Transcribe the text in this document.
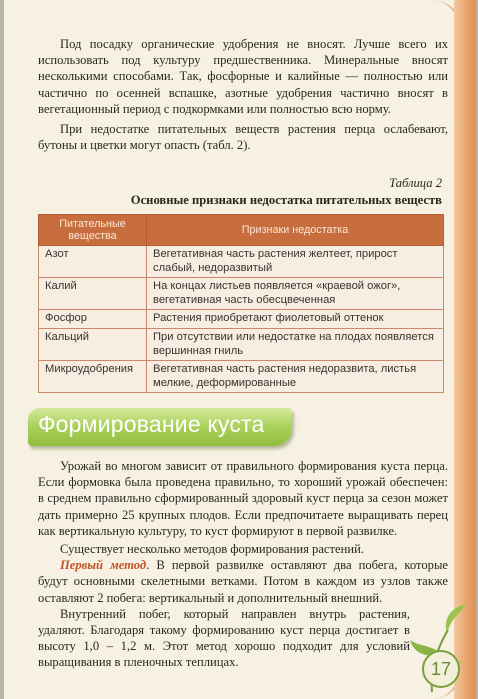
Под посадку органические удобрения не вносят. Лучше всего их использовать под культуру предшественника. Минеральные вносят несколькими способами. Так, фосфорные и калийные — полностью или частично по осенней вспашке, азотные удобрения частично вносят в вегетационный период с подкормками или полностью всю норму.

При недостатке питательных веществ растения перца ослабевают, бутоны и цветки могут опасть (табл. 2).

Таблица 2
Основные признаки недостатка питательных веществ
Питательные вещества	Признаки недостатка
Азот	Вегетативная часть растения желтеет, прирост слабый, недоразвитый
Калий	На концах листьев появляется «краевой ожог», вегетативная часть обесцвеченная
Фосфор	Растения приобретают фиолетовый оттенок
Кальций	При отсутствии или недостатке на плодах появляется вершинная гниль
Микроудобрения	Вегетативная часть растения недоразвита, листья мелкие, деформированные
Формирование куста

Урожай во многом зависит от правильного формирования куста перца. Если формовка была проведена правильно, то хороший урожай обеспечен: в среднем правильно сформированный здоровый куст перца за сезон может дать примерно 25 крупных плодов. Если предпочитаете выращивать перец как вертикальную культуру, то куст формируют в первой развилке.

Существует несколько методов формирования растений.

Первый метод. В первой развилке оставляют два побега, которые будут основными скелетными ветками. Потом в каждом из узлов также оставляют 2 побега: вертикальный и дополнительный внешний.

Внутренний побег, который направлен внутрь растения, удаляют. Благодаря такому формированию куст перца достигает в высоту 1,0 – 1,2 м. Этот метод хорошо подходит для условий выращивания в пленочных теплицах.	17
